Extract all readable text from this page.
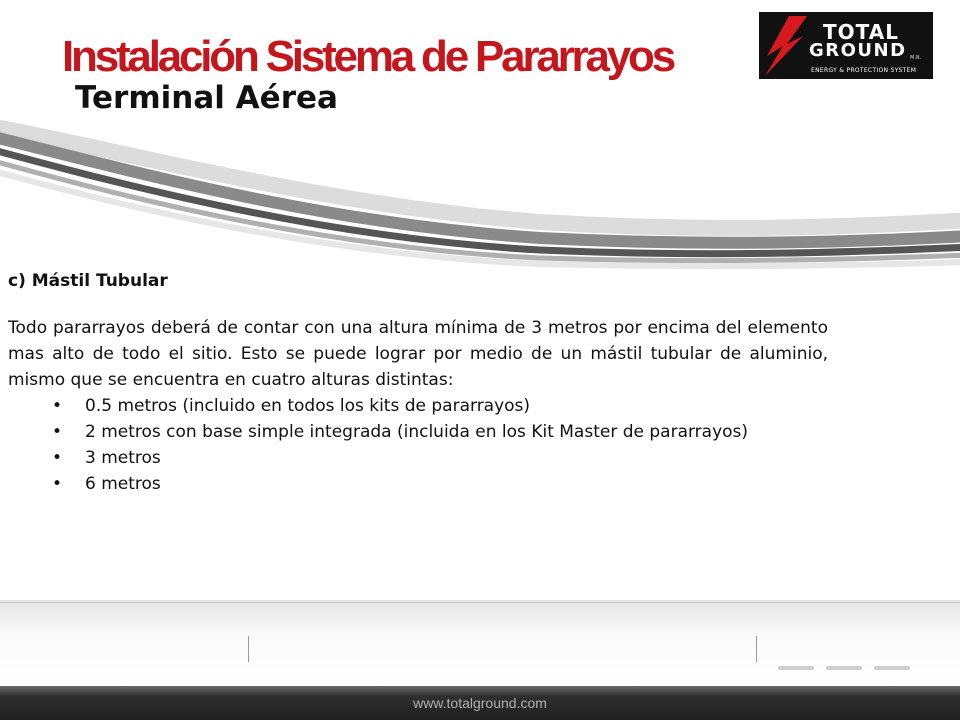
Instalación Sistema de Pararrayos
Terminal Aérea
TOTAL
GROUND M.N.
ENERGY & PROTECTION SYSTEM

c) Mástil Tubular

Todo pararrayos deberá de contar con una altura mínima de 3 metros por encima del elemento mas alto de todo el sitio. Esto se puede lograr por medio de un mástil tubular de aluminio, mismo que se encuentra en cuatro alturas distintas:

• 0.5 metros (incluido en todos los kits de pararrayos)
• 2 metros con base simple integrada (incluida en los Kit Master de pararrayos)
• 3 metros
• 6 metros
www.totalground.com
